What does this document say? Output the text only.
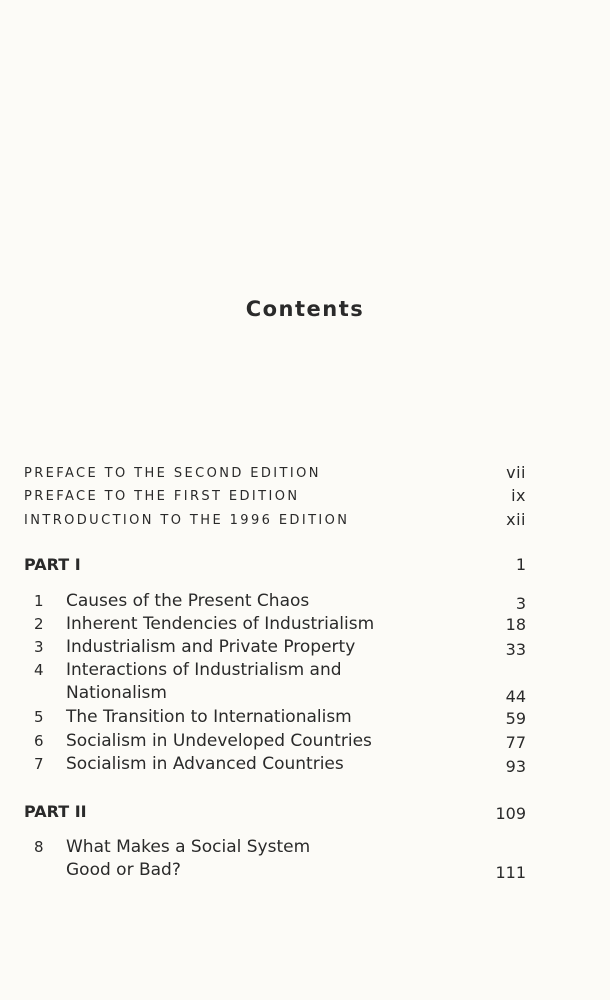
Contents
PREFACE TO THE SECOND EDITION	vii
PREFACE TO THE FIRST EDITION	ix
INTRODUCTION TO THE 1996 EDITION	xii
PART I	1
1 Causes of the Present Chaos	3
2 Inherent Tendencies of Industrialism	18
3 Industrialism and Private Property	33
4 Interactions of Industrialism and
Nationalism	44
5 The Transition to Internationalism	59
6 Socialism in Undeveloped Countries	77
7 Socialism in Advanced Countries	93
PART II	109
8 What Makes a Social System
Good or Bad?	111
